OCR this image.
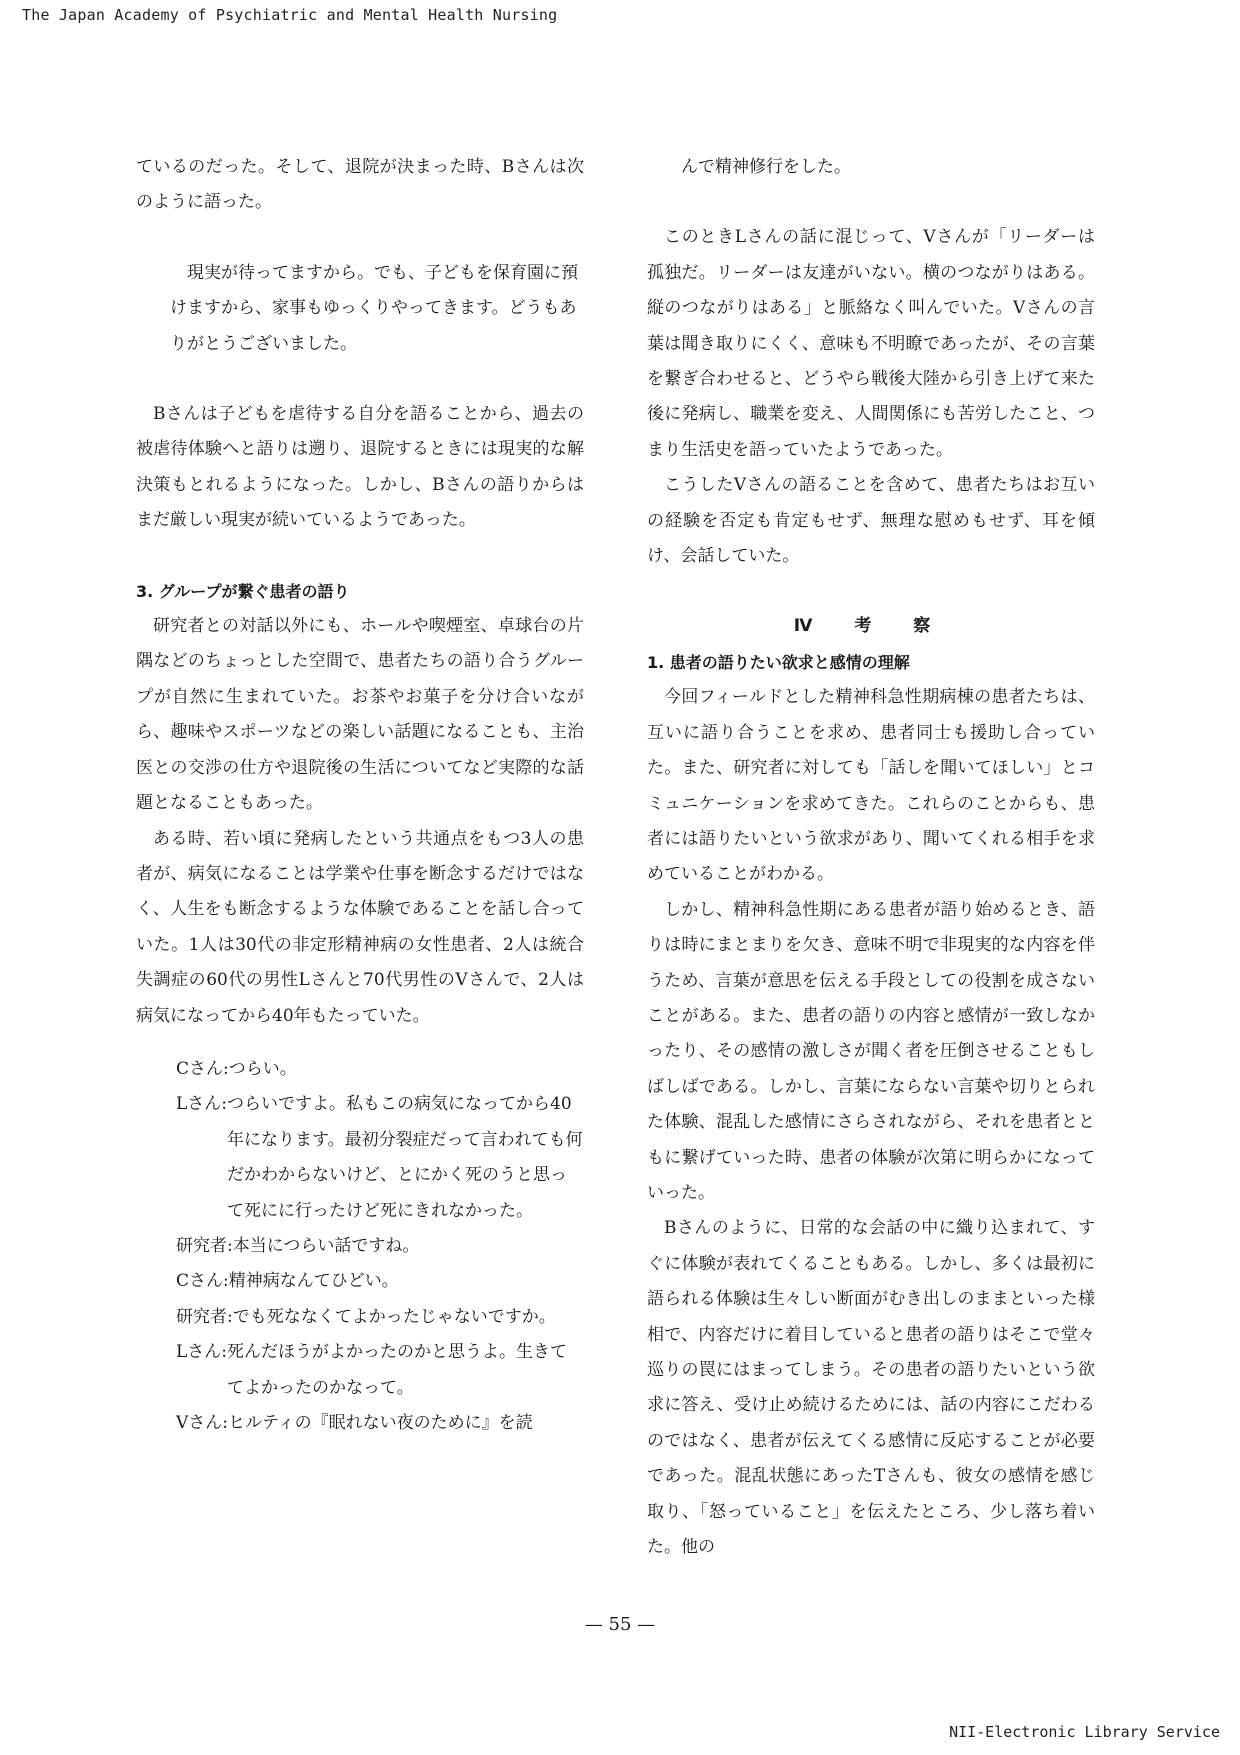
The Japan Academy of Psychiatric and Mental Health Nursing

ているのだった。そして、退院が決まった時、Bさんは次のように語った。

現実が待ってますから。でも、子どもを保育園に預けますから、家事もゆっくりやってきます。どうもありがとうございました。

Bさんは子どもを虐待する自分を語ることから、過去の被虐待体験へと語りは遡り、退院するときには現実的な解決策もとれるようになった。しかし、Bさんの語りからはまだ厳しい現実が続いているようであった。

3. グループが繋ぐ患者の語り

研究者との対話以外にも、ホールや喫煙室、卓球台の片隅などのちょっとした空間で、患者たちの語り合うグループが自然に生まれていた。お茶やお菓子を分け合いながら、趣味やスポーツなどの楽しい話題になることも、主治医との交渉の仕方や退院後の生活についてなど実際的な話題となることもあった。

ある時、若い頃に発病したという共通点をもつ3人の患者が、病気になることは学業や仕事を断念するだけではなく、人生をも断念するような体験であることを話し合っていた。1人は30代の非定形精神病の女性患者、2人は統合失調症の60代の男性Lさんと70代男性のVさんで、2人は病気になってから40年もたっていた。

Cさん: つらい。

Lさん: つらいですよ。私もこの病気になってから40年になります。最初分裂症だって言われても何だかわからないけど、とにかく死のうと思って死にに行ったけど死にきれなかった。

研究者: 本当につらい話ですね。

Cさん: 精神病なんてひどい。

研究者: でも死ななくてよかったじゃないですか。

Lさん: 死んだほうがよかったのかと思うよ。生きててよかったのかなって。

Vさん: ヒルティの『眠れない夜のために』を読

んで精神修行をした。

このときLさんの話に混じって、Vさんが「リーダーは孤独だ。リーダーは友達がいない。横のつながりはある。縦のつながりはある」と脈絡なく叫んでいた。Vさんの言葉は聞き取りにくく、意味も不明瞭であったが、その言葉を繋ぎ合わせると、どうやら戦後大陸から引き上げて来た後に発病し、職業を変え、人間関係にも苦労したこと、つまり生活史を語っていたようであった。

こうしたVさんの語ることを含めて、患者たちはお互いの経験を否定も肯定もせず、無理な慰めもせず、耳を傾け、会話していた。

Ⅳ 考 察

1. 患者の語りたい欲求と感情の理解

今回フィールドとした精神科急性期病棟の患者たちは、互いに語り合うことを求め、患者同士も援助し合っていた。また、研究者に対しても「話しを聞いてほしい」とコミュニケーションを求めてきた。これらのことからも、患者には語りたいという欲求があり、聞いてくれる相手を求めていることがわかる。

しかし、精神科急性期にある患者が語り始めるとき、語りは時にまとまりを欠き、意味不明で非現実的な内容を伴うため、言葉が意思を伝える手段としての役割を成さないことがある。また、患者の語りの内容と感情が一致しなかったり、その感情の激しさが聞く者を圧倒させることもしばしばである。しかし、言葉にならない言葉や切りとられた体験、混乱した感情にさらされながら、それを患者とともに繋げていった時、患者の体験が次第に明らかになっていった。

Bさんのように、日常的な会話の中に織り込まれて、すぐに体験が表れてくることもある。しかし、多くは最初に語られる体験は生々しい断面がむき出しのままといった様相で、内容だけに着目していると患者の語りはそこで堂々巡りの罠にはまってしまう。その患者の語りたいという欲求に答え、受け止め続けるためには、話の内容にこだわるのではなく、患者が伝えてくる感情に反応することが必要であった。混乱状態にあったTさんも、彼女の感情を感じ取り、「怒っていること」を伝えたところ、少し落ち着いた。他の

— 55 —
NII-Electronic Library Service
